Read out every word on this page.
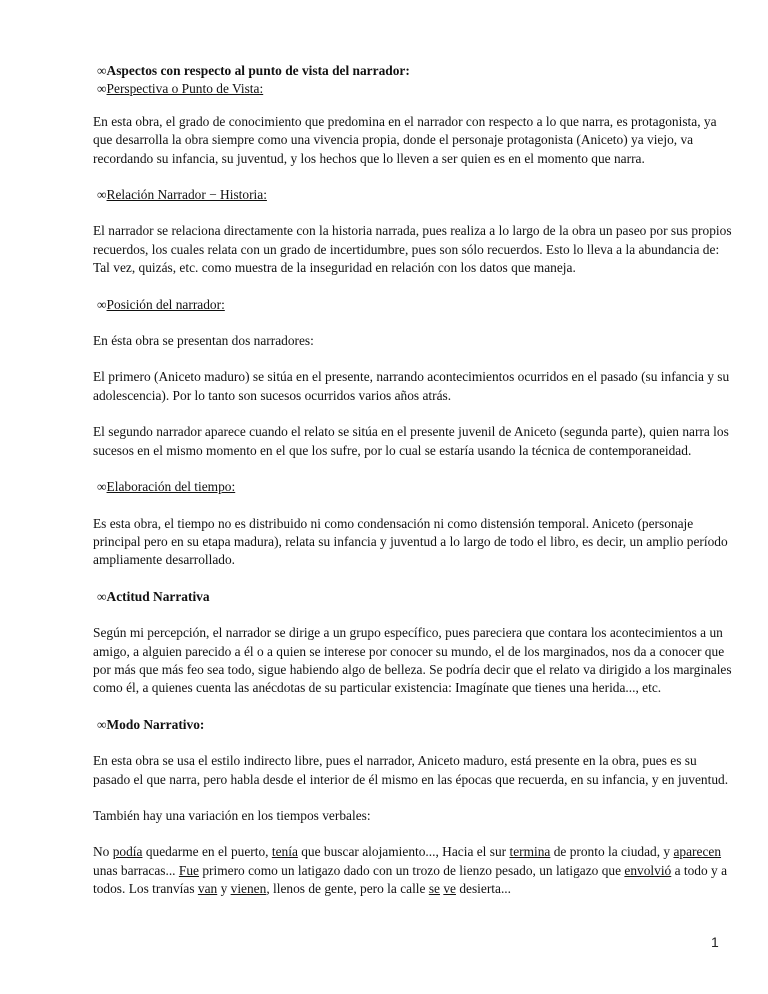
∞Aspectos con respecto al punto de vista del narrador:
∞Perspectiva o Punto de Vista:

En esta obra, el grado de conocimiento que predomina en el narrador con respecto a lo que narra, es protagonista, ya que desarrolla la obra siempre como una vivencia propia, donde el personaje protagonista (Aniceto) ya viejo, va recordando su infancia, su juventud, y los hechos que lo lleven a ser quien es en el momento que narra.

∞Relación Narrador − Historia:

El narrador se relaciona directamente con la historia narrada, pues realiza a lo largo de la obra un paseo por sus propios recuerdos, los cuales relata con un grado de incertidumbre, pues son sólo recuerdos. Esto lo lleva a la abundancia de: Tal vez, quizás, etc. como muestra de la inseguridad en relación con los datos que maneja.

∞Posición del narrador:

En ésta obra se presentan dos narradores:

El primero (Aniceto maduro) se sitúa en el presente, narrando acontecimientos ocurridos en el pasado (su infancia y su adolescencia). Por lo tanto son sucesos ocurridos varios años atrás.

El segundo narrador aparece cuando el relato se sitúa en el presente juvenil de Aniceto (segunda parte), quien narra los sucesos en el mismo momento en el que los sufre, por lo cual se estaría usando la técnica de contemporaneidad.

∞Elaboración del tiempo:

Es esta obra, el tiempo no es distribuido ni como condensación ni como distensión temporal. Aniceto (personaje principal pero en su etapa madura), relata su infancia y juventud a lo largo de todo el libro, es decir, un amplio período ampliamente desarrollado.

∞Actitud Narrativa

Según mi percepción, el narrador se dirige a un grupo específico, pues pareciera que contara los acontecimientos a un amigo, a alguien parecido a él o a quien se interese por conocer su mundo, el de los marginados, nos da a conocer que por más que más feo sea todo, sigue habiendo algo de belleza. Se podría decir que el relato va dirigido a los marginales como él, a quienes cuenta las anécdotas de su particular existencia: Imagínate que tienes una herida..., etc.

∞Modo Narrativo:

En esta obra se usa el estilo indirecto libre, pues el narrador, Aniceto maduro, está presente en la obra, pues es su pasado el que narra, pero habla desde el interior de él mismo en las épocas que recuerda, en su infancia, y en juventud.

También hay una variación en los tiempos verbales:

No podía quedarme en el puerto, tenía que buscar alojamiento..., Hacia el sur termina de pronto la ciudad, y aparecen unas barracas... Fue primero como un latigazo dado con un trozo de lienzo pesado, un latigazo que envolvió a todo y a todos. Los tranvías van y vienen, llenos de gente, pero la calle se ve desierta...

1
